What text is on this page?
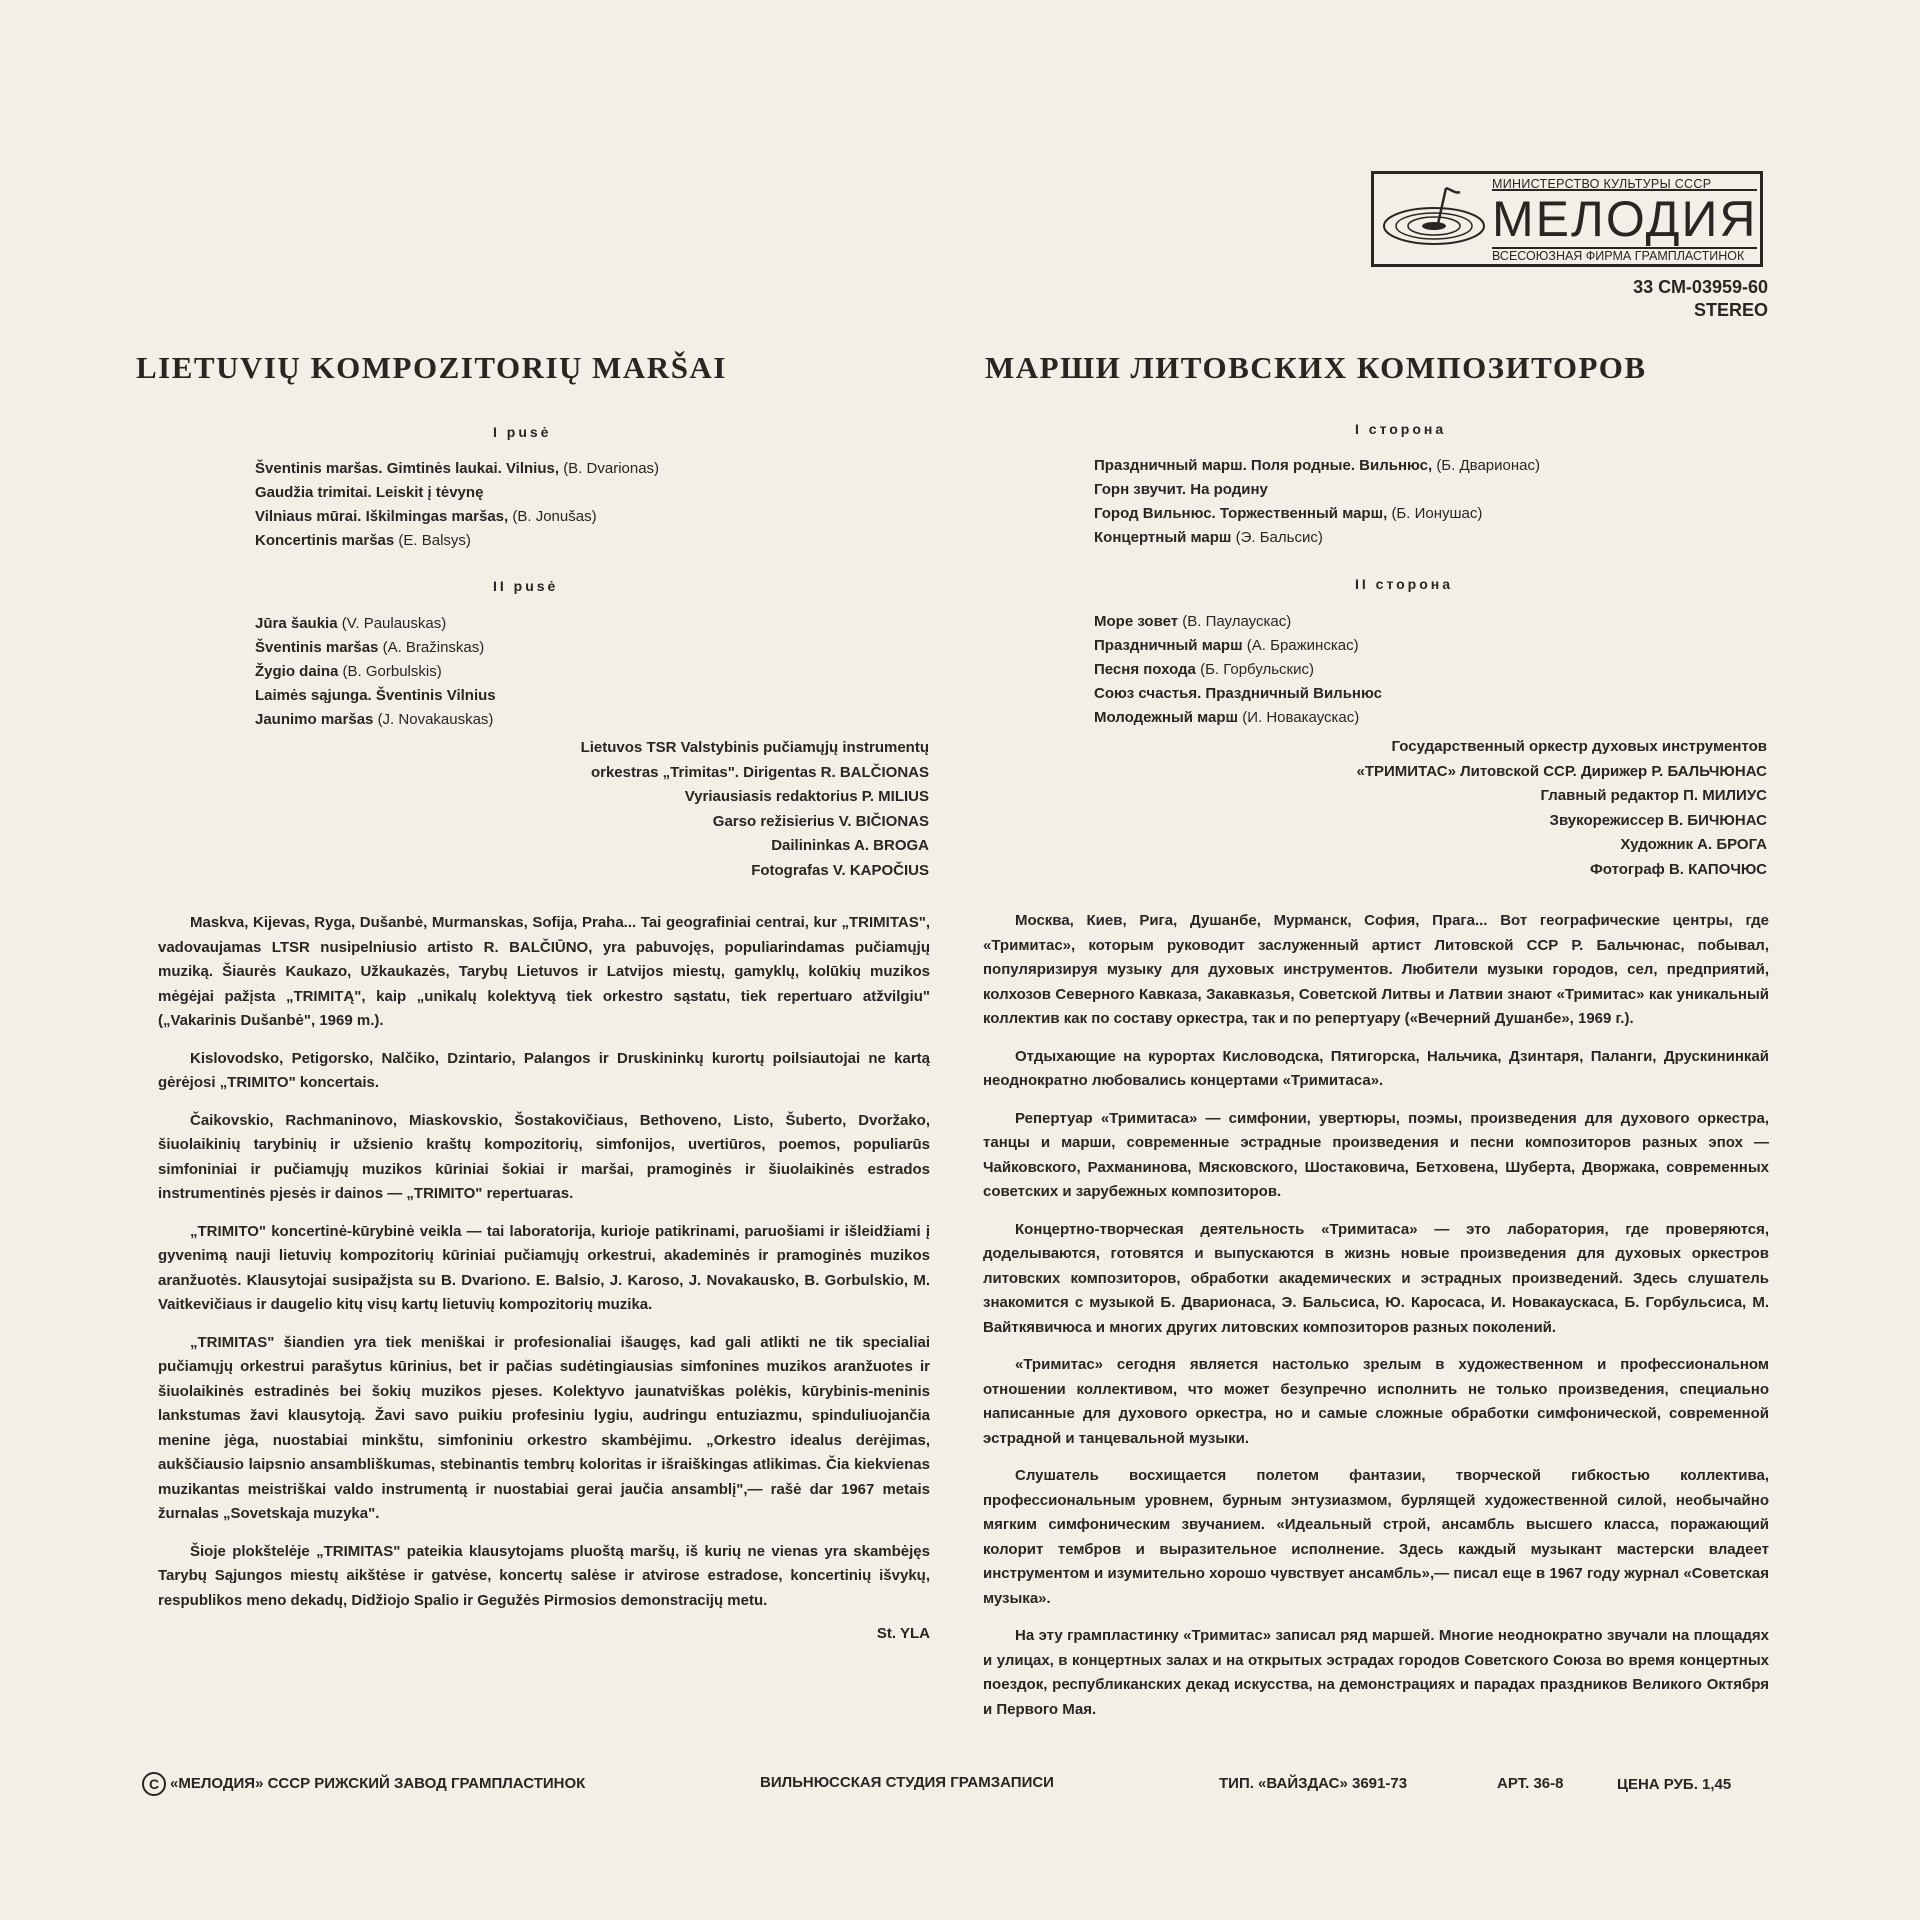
МИНИСТЕРСТВО КУЛЬТУРЫ СССР
МЕЛОДИЯ
ВСЕСОЮЗНАЯ ФИРМА ГРАМПЛАСТИНОК
33 СМ-03959-60
STEREO
LIETUVIŲ KOMPOZITORIŲ MARŠAI	МАРШИ ЛИТОВСКИХ КОМПОЗИТОРОВ
I pusė
Šventinis maršas. Gimtinės laukai. Vilnius, (B. Dvarionas)
Gaudžia trimitai. Leiskit į tėvynę
Vilniaus mūrai. Iškilmingas maršas, (B. Jonušas)
Koncertinis maršas (E. Balsys)
II pusė
Jūra šaukia (V. Paulauskas)
Šventinis maršas (A. Bražinskas)
Žygio daina (B. Gorbulskis)
Laimės sąjunga. Šventinis Vilnius
Jaunimo maršas (J. Novakauskas)
Lietuvos TSR Valstybinis pučiamųjų instrumentų
orkestras „Trimitas". Dirigentas R. BALČIONAS
Vyriausiasis redaktorius P. MILIUS
Garso režisierius V. BIČIONAS
Dailininkas A. BROGA
Fotografas V. KAPOČIUS
I сторона
Праздничный марш. Поля родные. Вильнюс, (Б. Дварионас)
Горн звучит. На родину
Город Вильнюс. Торжественный марш, (Б. Ионушас)
Концертный марш (Э. Бальсис)
II сторона
Море зовет (В. Паулаускас)
Праздничный марш (А. Бражинскас)
Песня похода (Б. Горбульскис)
Союз счастья. Праздничный Вильнюс
Молодежный марш (И. Новакаускас)
Государственный оркестр духовых инструментов
«ТРИМИТАС» Литовской ССР. Дирижер Р. БАЛЬЧЮНАС
Главный редактор П. МИЛИУС
Звукорежиссер В. БИЧЮНАС
Художник А. БРОГА
Фотограф В. КАПОЧЮС

Maskva, Kijevas, Ryga, Dušanbė, Murmanskas, Sofija, Praha... Tai geografiniai centrai, kur „TRIMITAS", vadovaujamas LTSR nusipelniusio artisto R. BALČIŪNO, yra pabuvojęs, populiarindamas pučiamųjų muziką. Šiaurės Kaukazo, Užkaukazės, Tarybų Lietuvos ir Latvijos miestų, gamyklų, kolūkių muzikos mėgėjai pažįsta „TRIMITĄ", kaip „unikalų kolektyvą tiek orkestro sąstatu, tiek repertuaro atžvilgiu" („Vakarinis Dušanbė", 1969 m.).

Kislovodsko, Petigorsko, Nalčiko, Dzintario, Palangos ir Druskininkų kurortų poilsiautojai ne kartą gėrėjosi „TRIMITO" koncertais.

Čaikovskio, Rachmaninovo, Miaskovskio, Šostakovičiaus, Bethoveno, Listo, Šuberto, Dvoržako, šiuolaikinių tarybinių ir užsienio kraštų kompozitorių, simfonijos, uvertiūros, poemos, populiarūs simfoniniai ir pučiamųjų muzikos kūriniai šokiai ir maršai, pramoginės ir šiuolaikinės estrados instrumentinės pjesės ir dainos — „TRIMITO" repertuaras.

„TRIMITO" koncertinė-kūrybinė veikla — tai laboratorija, kurioje patikrinami, paruošiami ir išleidžiami į gyvenimą nauji lietuvių kompozitorių kūriniai pučiamųjų orkestrui, akademinės ir pramoginės muzikos aranžuotės. Klausytojai susipažįsta su B. Dvariono. E. Balsio, J. Karoso, J. Novakausko, B. Gorbulskio, M. Vaitkevičiaus ir daugelio kitų visų kartų lietuvių kompozitorių muzika.

„TRIMITAS" šiandien yra tiek meniškai ir profesionaliai išaugęs, kad gali atlikti ne tik specialiai pučiamųjų orkestrui parašytus kūrinius, bet ir pačias sudėtingiausias simfonines muzikos aranžuotes ir šiuolaikinės estradinės bei šokių muzikos pjeses. Kolektyvo jaunatviškas polėkis, kūrybinis-meninis lankstumas žavi klausytoją. Žavi savo puikiu profesiniu lygiu, audringu entuziazmu, spinduliuojančia menine jėga, nuostabiai minkštu, simfoniniu orkestro skambėjimu. „Orkestro idealus derėjimas, aukščiausio laipsnio ansambliškumas, stebinantis tembrų koloritas ir išraiškingas atlikimas. Čia kiekvienas muzikantas meistriškai valdo instrumentą ir nuostabiai gerai jaučia ansamblį",— rašė dar 1967 metais žurnalas „Sovetskaja muzyka".

Šioje plokštelėje „TRIMITAS" pateikia klausytojams pluoštą maršų, iš kurių ne vienas yra skambėjęs Tarybų Sąjungos miestų aikštėse ir gatvėse, koncertų salėse ir atvirose estradose, koncertinių išvykų, respublikos meno dekadų, Didžiojo Spalio ir Gegužės Pirmosios demonstracijų metu.

St. YLA

Москва, Киев, Рига, Душанбе, Мурманск, София, Прага... Вот географические центры, где «Тримитас», которым руководит заслуженный артист Литовской ССР Р. Бальчюнас, побывал, популяризируя музыку для духовых инструментов. Любители музыки городов, сел, предприятий, колхозов Северного Кавказа, Закавказья, Советской Литвы и Латвии знают «Тримитас» как уникальный коллектив как по составу оркестра, так и по репертуару («Вечерний Душанбе», 1969 г.).

Отдыхающие на курортах Кисловодска, Пятигорска, Нальчика, Дзинтаря, Паланги, Друскининкай неоднократно любовались концертами «Тримитаса».

Репертуар «Тримитаса» — симфонии, увертюры, поэмы, произведения для духового оркестра, танцы и марши, современные эстрадные произведения и песни композиторов разных эпох — Чайковского, Рахманинова, Мясковского, Шостаковича, Бетховена, Шуберта, Дворжака, современных советских и зарубежных композиторов.

Концертно-творческая деятельность «Тримитаса» — это лаборатория, где проверяются, доделываются, готовятся и выпускаются в жизнь новые произведения для духовых оркестров литовских композиторов, обработки академических и эстрадных произведений. Здесь слушатель знакомится с музыкой Б. Дварионаса, Э. Бальсиса, Ю. Каросаса, И. Новакаускаса, Б. Горбульсиса, М. Вайткявичюса и многих других литовских композиторов разных поколений.

«Тримитас» сегодня является настолько зрелым в художественном и профессиональном отношении коллективом, что может безупречно исполнить не только произведения, специально написанные для духового оркестра, но и самые сложные обработки симфонической, современной эстрадной и танцевальной музыки.

Слушатель восхищается полетом фантазии, творческой гибкостью коллектива, профессиональным уровнем, бурным энтузиазмом, бурлящей художественной силой, необычайно мягким симфоническим звучанием. «Идеальный строй, ансамбль высшего класса, поражающий колорит тембров и выразительное исполнение. Здесь каждый музыкант мастерски владеет инструментом и изумительно хорошо чувствует ансамбль»,— писал еще в 1967 году журнал «Советская музыка».

На эту грампластинку «Тримитас» записал ряд маршей. Многие неоднократно звучали на площадях и улицах, в концертных залах и на открытых эстрадах городов Советского Союза во время концертных поездок, республиканских декад искусства, на демонстрациях и парадах праздников Великого Октября и Первого Мая.

C «МЕЛОДИЯ» СССР РИЖСКИЙ ЗАВОД ГРАМПЛАСТИНОК	ВИЛЬНЮССКАЯ СТУДИЯ ГРАМЗАПИСИ	ТИП. «ВАЙЗДАС» 3691-73	АРТ. 36-8	ЦЕНА РУБ. 1,45
